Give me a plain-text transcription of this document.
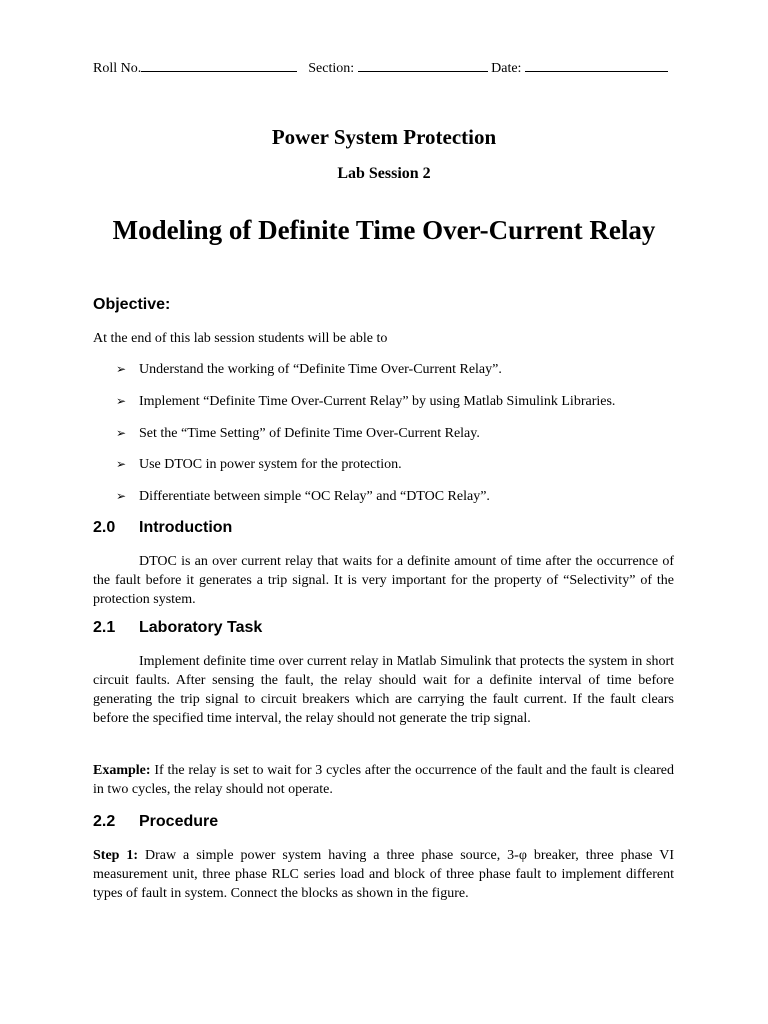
Roll No.	Section:	Date:
Power System Protection
Lab Session 2
Modeling of Definite Time Over-Current Relay
Objective:
At the end of this lab session students will be able to
➢ Understand the working of “Definite Time Over-Current Relay”.
➢ Implement “Definite Time Over-Current Relay” by using Matlab Simulink Libraries.
➢ Set the “Time Setting” of Definite Time Over-Current Relay.
➢ Use DTOC in power system for the protection.
➢ Differentiate between simple “OC Relay” and “DTOC Relay”.
2.0 Introduction
DTOC is an over current relay that waits for a definite amount of time after the occurrence of the fault before it generates a trip signal. It is very important for the property of “Selectivity” of the protection system.
2.1 Laboratory Task
Implement definite time over current relay in Matlab Simulink that protects the system in short circuit faults. After sensing the fault, the relay should wait for a definite interval of time before generating the trip signal to circuit breakers which are carrying the fault current. If the fault clears before the specified time interval, the relay should not generate the trip signal.
Example: If the relay is set to wait for 3 cycles after the occurrence of the fault and the fault is cleared in two cycles, the relay should not operate.
2.2 Procedure
Step 1: Draw a simple power system having a three phase source, 3-φ breaker, three phase VI measurement unit, three phase RLC series load and block of three phase fault to implement different types of fault in system. Connect the blocks as shown in the figure.
